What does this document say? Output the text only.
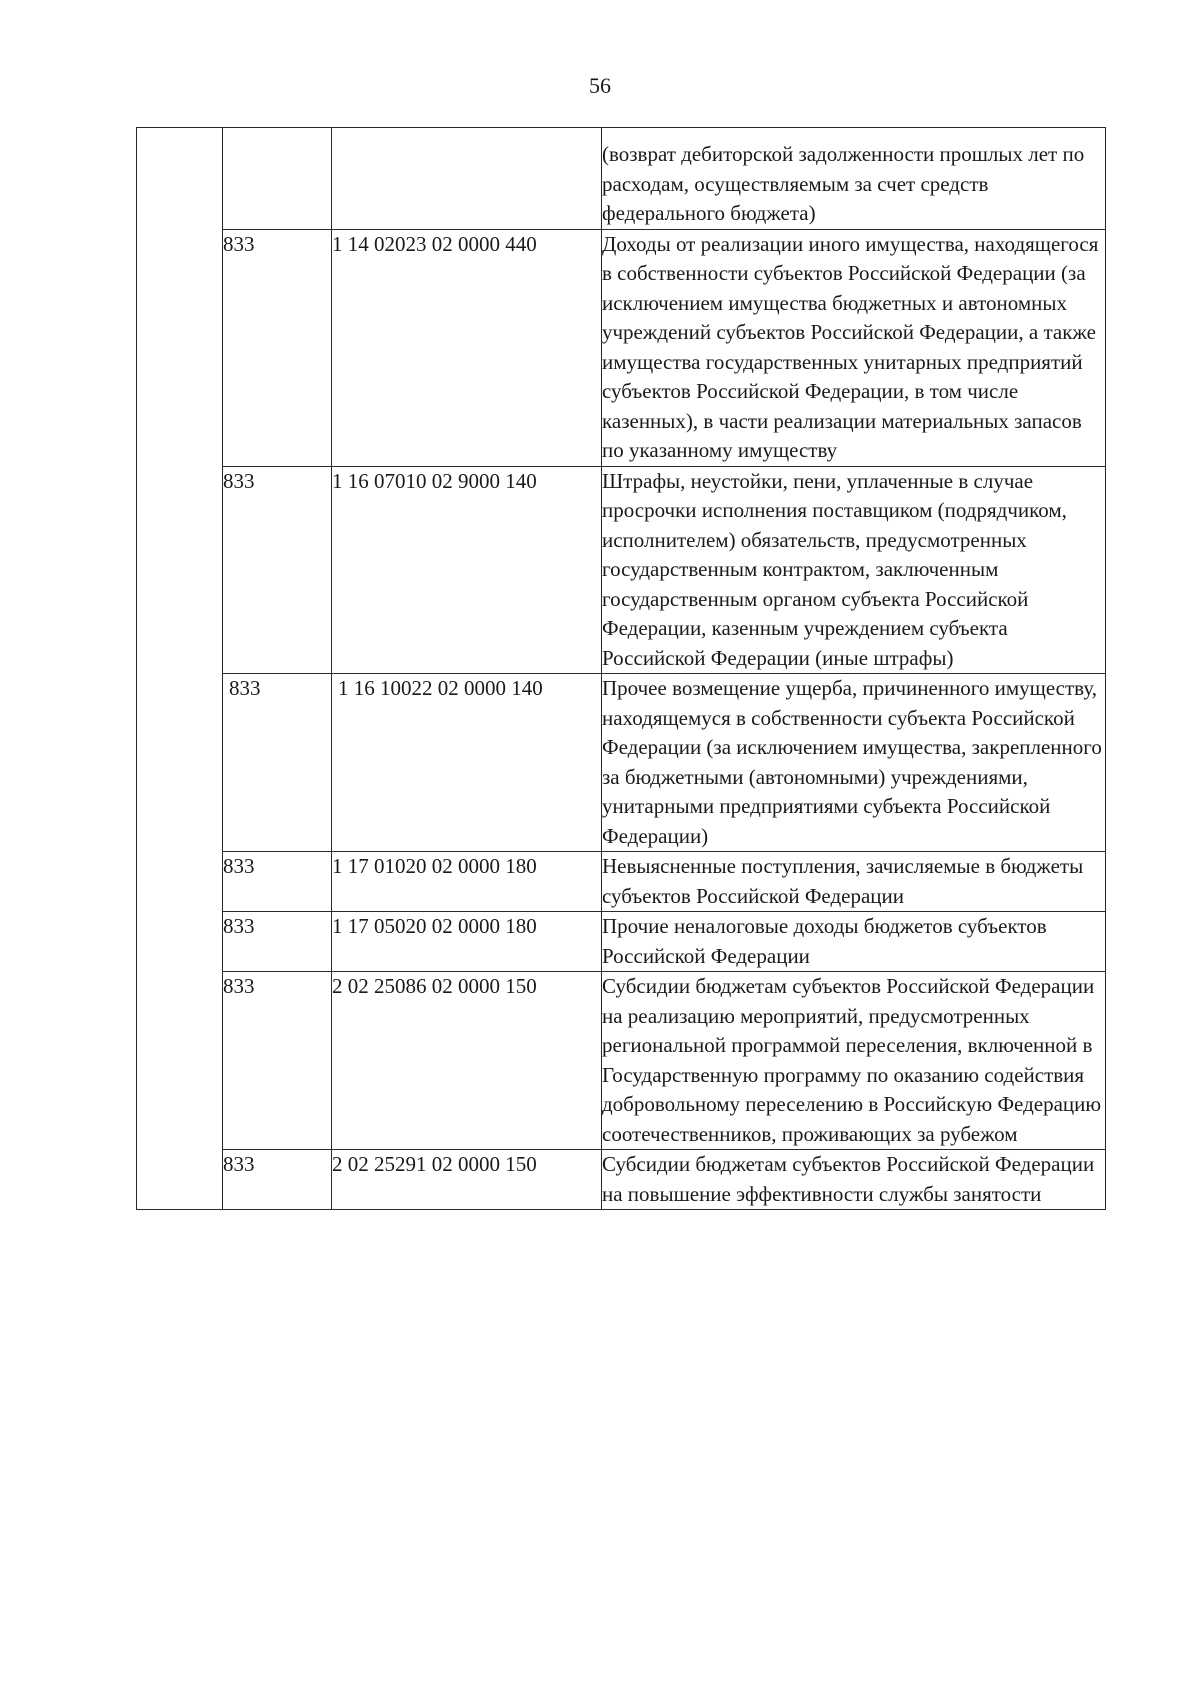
56

			(возврат дебиторской задолженности прошлых лет по расходам, осуществляемым за счет средств федерального бюджета)

	833	1 14 02023 02 0000 440	Доходы от реализации иного имущества, находящегося в собственности субъектов Российской Федерации (за исключением имущества бюджетных и автономных учреждений субъектов Российской Федерации, а также имущества государственных унитарных предприятий субъектов Российской Федерации, в том числе казенных), в части реализации материальных запасов по указанному имуществу

	833	1 16 07010 02 9000 140	Штрафы, неустойки, пени, уплаченные в случае просрочки исполнения поставщиком (подрядчиком, исполнителем) обязательств, предусмотренных государственным контрактом, заключенным государственным органом субъекта Российской Федерации, казенным учреждением субъекта Российской Федерации (иные штрафы)

	833	1 16 10022 02 0000 140	Прочее возмещение ущерба, причиненного имуществу, находящемуся в собственности субъекта Российской Федерации (за исключением имущества, закрепленного за бюджетными (автономными) учреждениями, унитарными предприятиями субъекта Российской Федерации)

	833	1 17 01020 02 0000 180	Невыясненные поступления, зачисляемые в бюджеты субъектов Российской Федерации

	833	1 17 05020 02 0000 180	Прочие неналоговые доходы бюджетов субъектов Российской Федерации

	833	2 02 25086 02 0000 150	Субсидии бюджетам субъектов Российской Федерации на реализацию мероприятий, предусмотренных региональной программой переселения, включенной в Государственную программу по оказанию содействия добровольному переселению в Российскую Федерацию соотечественников, проживающих за рубежом

	833	2 02 25291 02 0000 150	Субсидии бюджетам субъектов Российской Федерации на повышение эффективности службы занятости
